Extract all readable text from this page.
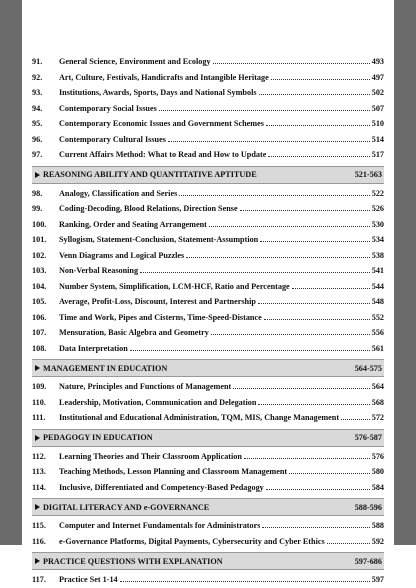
91.	General Science, Environment and Ecology	493
92.	Art, Culture, Festivals, Handicrafts and Intangible Heritage	497
93.	Institutions, Awards, Sports, Days and National Symbols	502
94.	Contemporary Social Issues	507
95.	Contemporary Economic Issues and Government Schemes	510
96.	Contemporary Cultural Issues	514
97.	Current Affairs Method: What to Read and How to Update	517
REASONING ABILITY AND QUANTITATIVE APTITUDE	521-563
98.	Analogy, Classification and Series	522
99.	Coding-Decoding, Blood Relations, Direction Sense	526
100.	Ranking, Order and Seating Arrangement	530
101.	Syllogism, Statement-Conclusion, Statement-Assumption	534
102.	Venn Diagrams and Logical Puzzles	538
103.	Non-Verbal Reasoning	541
104.	Number System, Simplification, LCM-HCF, Ratio and Percentage	544
105.	Average, Profit-Loss, Discount, Interest and Partnership	548
106.	Time and Work, Pipes and Cisterns, Time-Speed-Distance	552
107.	Mensuration, Basic Algebra and Geometry	556
108.	Data Interpretation	561
MANAGEMENT IN EDUCATION	564-575
109.	Nature, Principles and Functions of Management	564
110.	Leadership, Motivation, Communication and Delegation	568
111.	Institutional and Educational Administration, TQM, MIS, Change Management	572
PEDAGOGY IN EDUCATION	576-587
112.	Learning Theories and Their Classroom Application	576
113.	Teaching Methods, Lesson Planning and Classroom Management	580
114.	Inclusive, Differentiated and Competency-Based Pedagogy	584
DIGITAL LITERACY AND e-GOVERNANCE	588-596
115.	Computer and Internet Fundamentals for Administrators	588
116.	e-Governance Platforms, Digital Payments, Cybersecurity and Cyber Ethics	592
PRACTICE QUESTIONS WITH EXPLANATION	597-686
117.	Practice Set 1-14	597
